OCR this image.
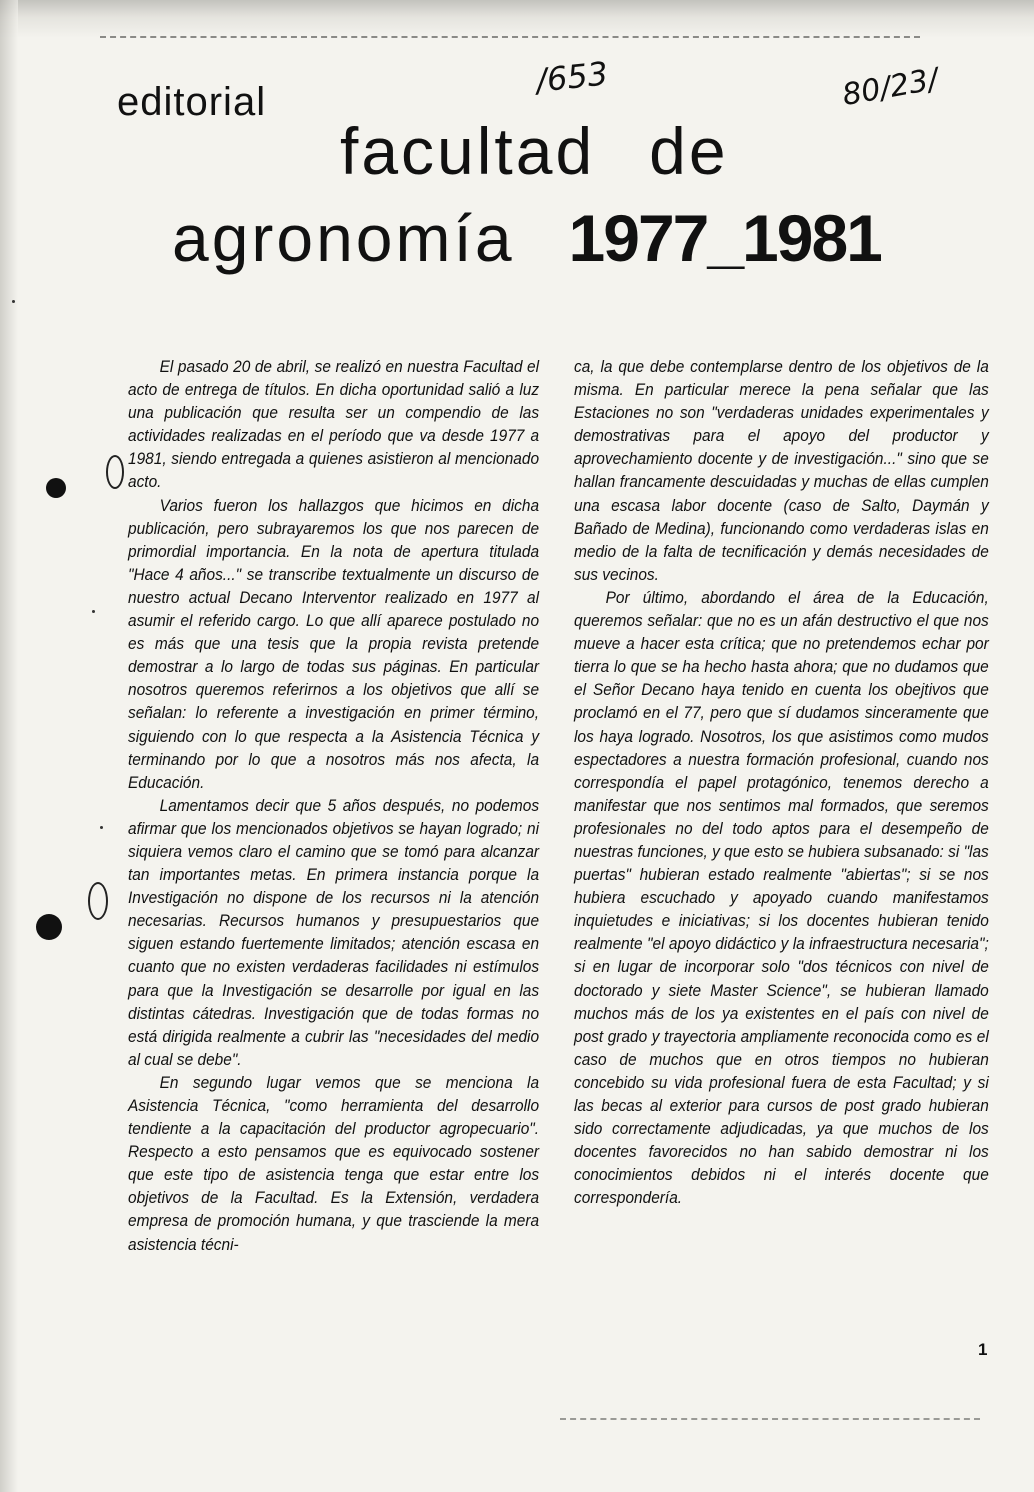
editorial
/653	80/23/
facultad de
agronomía 1977_1981

El pasado 20 de abril, se realizó en nuestra Facultad el acto de entrega de títulos. En dicha oportunidad salió a luz una publicación que resulta ser un compendio de las actividades realizadas en el período que va desde 1977 a 1981, siendo entregada a quienes asistieron al mencionado acto.

Varios fueron los hallazgos que hicimos en dicha publicación, pero subrayaremos los que nos parecen de primordial importancia. En la nota de apertura titulada "Hace 4 años..." se transcribe textualmente un discurso de nuestro actual Decano Interventor realizado en 1977 al asumir el referido cargo. Lo que allí aparece postulado no es más que una tesis que la propia revista pretende demostrar a lo largo de todas sus páginas. En particular nosotros queremos referirnos a los objetivos que allí se señalan: lo referente a investigación en primer término, siguiendo con lo que respecta a la Asistencia Técnica y terminando por lo que a nosotros más nos afecta, la Educación.

Lamentamos decir que 5 años después, no podemos afirmar que los mencionados objetivos se hayan logrado; ni siquiera vemos claro el camino que se tomó para alcanzar tan importantes metas. En primera instancia porque la Investigación no dispone de los recursos ni la atención necesarias. Recursos humanos y presupuestarios que siguen estando fuertemente limitados; atención escasa en cuanto que no existen verdaderas facilidades ni estímulos para que la Investigación se desarrolle por igual en las distintas cátedras. Investigación que de todas formas no está dirigida realmente a cubrir las "necesidades del medio al cual se debe".

En segundo lugar vemos que se menciona la Asistencia Técnica, "como herramienta del desarrollo tendiente a la capacitación del productor agropecuario". Respecto a esto pensamos que es equivocado sostener que este tipo de asistencia tenga que estar entre los objetivos de la Facultad. Es la Extensión, verdadera empresa de promoción humana, y que trasciende la mera asistencia técni-

ca, la que debe contemplarse dentro de los objetivos de la misma. En particular merece la pena señalar que las Estaciones no son "verdaderas unidades experimentales y demostrativas para el apoyo del productor y aprovechamiento docente y de investigación..." sino que se hallan francamente descuidadas y muchas de ellas cumplen una escasa labor docente (caso de Salto, Daymán y Bañado de Medina), funcionando como verdaderas islas en medio de la falta de tecnificación y demás necesidades de sus vecinos.

Por último, abordando el área de la Educación, queremos señalar: que no es un afán destructivo el que nos mueve a hacer esta crítica; que no pretendemos echar por tierra lo que se ha hecho hasta ahora; que no dudamos que el Señor Decano haya tenido en cuenta los obejtivos que proclamó en el 77, pero que sí dudamos sinceramente que los haya logrado. Nosotros, los que asistimos como mudos espectadores a nuestra formación profesional, cuando nos correspondía el papel protagónico, tenemos derecho a manifestar que nos sentimos mal formados, que seremos profesionales no del todo aptos para el desempeño de nuestras funciones, y que esto se hubiera subsanado: si "las puertas" hubieran estado realmente "abiertas"; si se nos hubiera escuchado y apoyado cuando manifestamos inquietudes e iniciativas; si los docentes hubieran tenido realmente "el apoyo didáctico y la infraestructura necesaria"; si en lugar de incorporar solo "dos técnicos con nivel de doctorado y siete Master Science", se hubieran llamado muchos más de los ya existentes en el país con nivel de post grado y trayectoria ampliamente reconocida como es el caso de muchos que en otros tiempos no hubieran concebido su vida profesional fuera de esta Facultad; y si las becas al exterior para cursos de post grado hubieran sido correctamente adjudicadas, ya que muchos de los docentes favorecidos no han sabido demostrar ni los conocimientos debidos ni el interés docente que correspondería.

1
